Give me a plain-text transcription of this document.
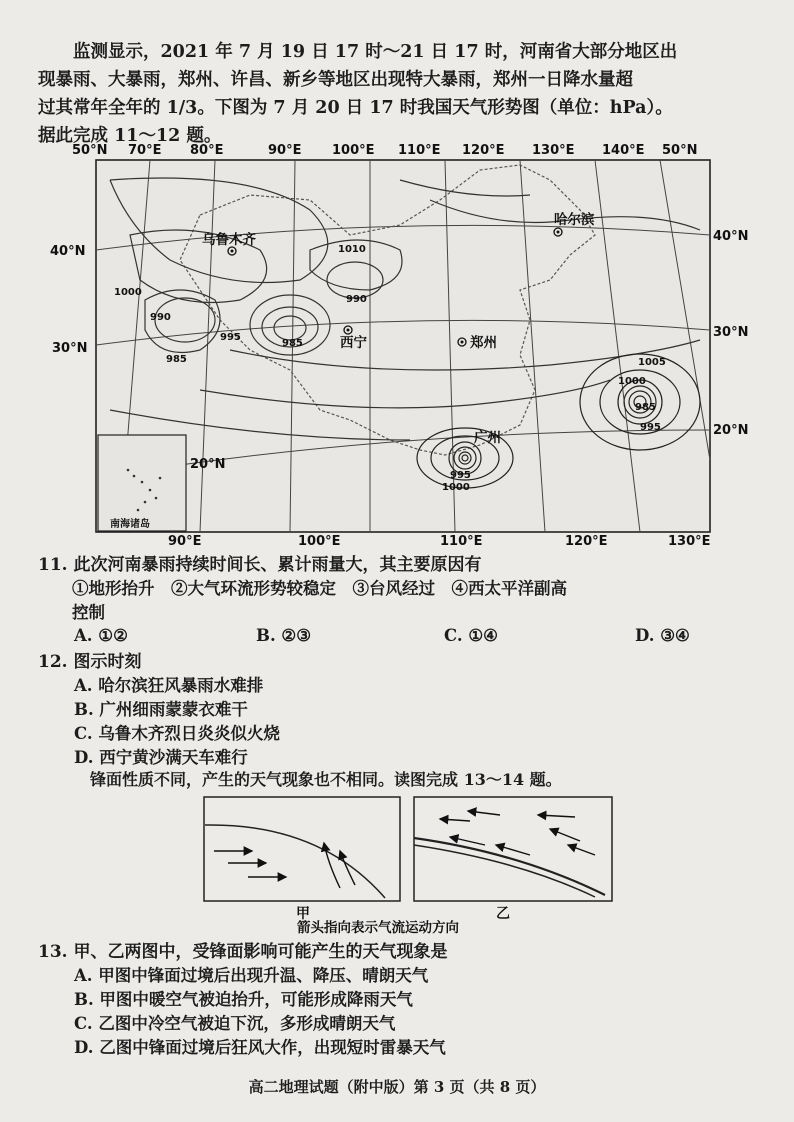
监测显示，2021 年 7 月 19 日 17 时～21 日 17 时，河南省大部分地区出

现暴雨、大暴雨，郑州、许昌、新乡等地区出现特大暴雨，郑州一日降水量超
过其常年全年的 1/3。下图为 7 月 20 日 17 时我国天气形势图（单位：hPa）。
据此完成 11～12 题。
南海诸岛
50°N 70°E 80°E	90°E 100°E 110°E 120°E 130°E 140°E 50°N
90°E	100°E	110°E	120°E	130°E
40°N
30°N
40°N
30°N
20°N
20°N
乌鲁木齐
哈尔滨
西宁	郑州
广州
1010
1000
990
990
985
985
995
1005
1000
985
995
1000
995
11. 此次河南暴雨持续时间长、累计雨量大，其主要原因有
①地形抬升　②大气环流形势较稳定　③台风经过　④西太平洋副高
控制
A. ①②	B. ②③	C. ①④	D. ③④
12. 图示时刻
A. 哈尔滨狂风暴雨水难排
B. 广州细雨蒙蒙衣难干
C. 乌鲁木齐烈日炎炎似火烧
D. 西宁黄沙满天车难行
锋面性质不同，产生的天气现象也不相同。读图完成 13～14 题。
甲	乙
箭头指向表示气流运动方向
13. 甲、乙两图中，受锋面影响可能产生的天气现象是
A. 甲图中锋面过境后出现升温、降压、晴朗天气
B. 甲图中暖空气被迫抬升，可能形成降雨天气
C. 乙图中冷空气被迫下沉，多形成晴朗天气
D. 乙图中锋面过境后狂风大作，出现短时雷暴天气
高二地理试题（附中版）第 3 页（共 8 页）
